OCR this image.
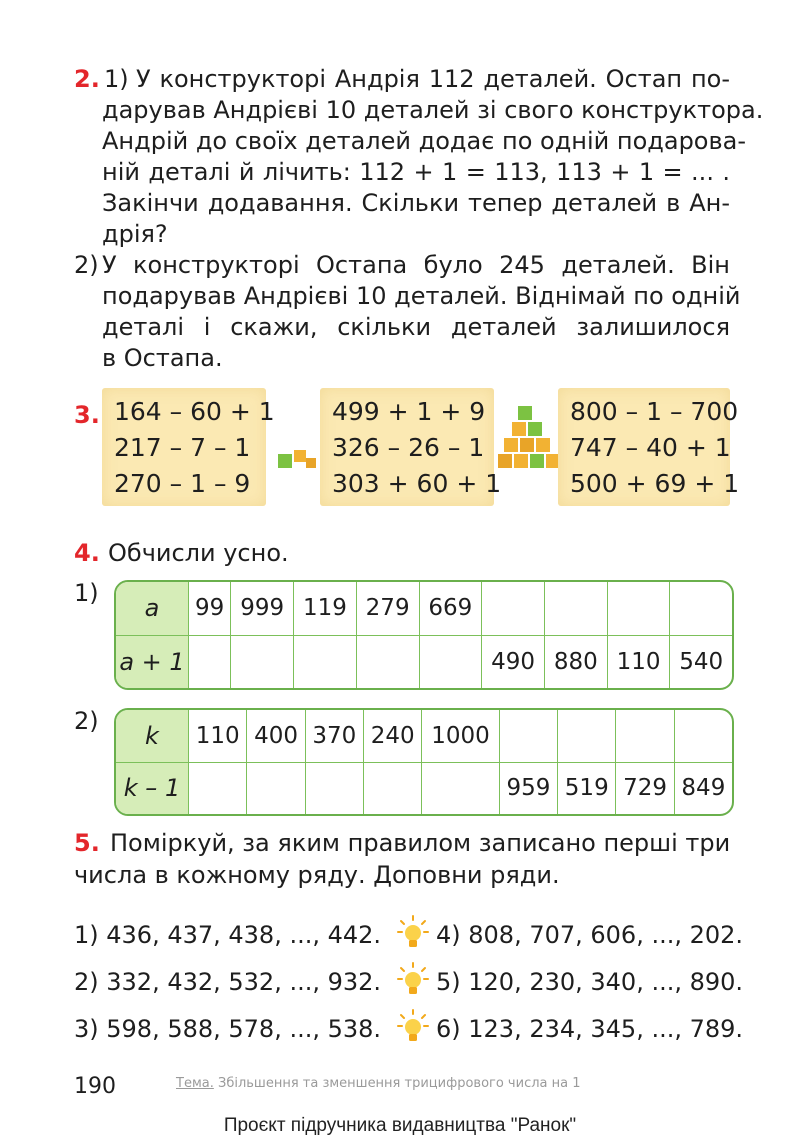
2. 1) У конструкторі Андрія 112 деталей. Остап по-
дарував Андрієві 10 деталей зі свого конструктора.
Андрій до своїх деталей додає по одній подарова-
ній деталі й лічить: 112 + 1 = 113, 113 + 1 = ... .
Закінчи додавання. Скільки тепер деталей в Ан-
дрія?
2) У конструкторі Остапа було 245 деталей. Він
подарував Андрієві 10 деталей. Віднімай по одній
деталі і скажи, скільки деталей залишилося
в Остапа.
3. 164 – 60 + 1
217 – 7 – 1
270 – 1 – 9
499 + 1 + 9
326 – 26 – 1
303 + 60 + 1
800 – 1 – 700
747 – 40 + 1
500 + 69 + 1
4. Обчисли усно.
1)
a	99	999	119	279	669				
a + 1						490	880	110	540
2)
k	110	400	370	240	1000				
k – 1						959	519	729	849
5. Поміркуй, за яким правилом записано перші три
числа в кожному ряду. Доповни ряди.
1) 436, 437, 438, ..., 442.
2) 332, 432, 532, ..., 932.
3) 598, 588, 578, ..., 538.
4) 808, 707, 606, ..., 202.
5) 120, 230, 340, ..., 890.
6) 123, 234, 345, ..., 789.
190	Тема. Збільшення та зменшення трицифрового числа на 1
Проєкт підручника видавництва "Ранок"
